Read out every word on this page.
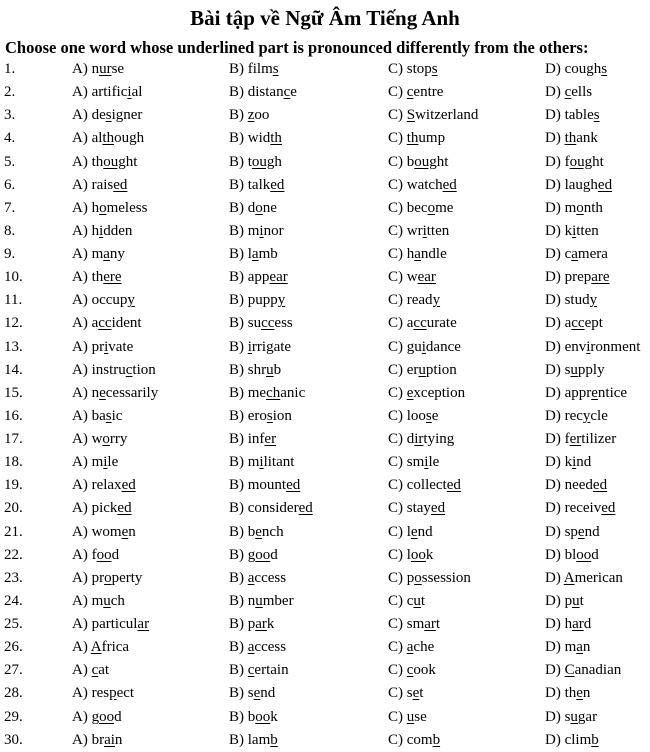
Bài tập về Ngữ Âm Tiếng Anh
Choose one word whose underlined part is pronounced differently from the others:
1.	A) nurse	B) films	C) stops	D) coughs
2.	A) artificial	B) distance	C) centre	D) cells
3.	A) designer	B) zoo	C) Switzerland	D) tables
4.	A) although	B) width	C) thump	D) thank
5.	A) thought	B) tough	C) bought	D) fought
6.	A) raised	B) talked	C) watched	D) laughed
7.	A) homeless	B) done	C) become	D) month
8.	A) hidden	B) minor	C) written	D) kitten
9.	A) many	B) lamb	C) handle	D) camera
10.	A) there	B) appear	C) wear	D) prepare
11.	A) occupy	B) puppy	C) ready	D) study
12.	A) accident	B) success	C) accurate	D) accept
13.	A) private	B) irrigate	C) guidance	D) environment
14.	A) instruction	B) shrub	C) eruption	D) supply
15.	A) necessarily	B) mechanic	C) exception	D) apprentice
16.	A) basic	B) erosion	C) loose	D) recycle
17.	A) worry	B) infer	C) dirtying	D) fertilizer
18.	A) mile	B) militant	C) smile	D) kind
19.	A) relaxed	B) mounted	C) collected	D) needed
20.	A) picked	B) considered	C) stayed	D) received
21.	A) women	B) bench	C) lend	D) spend
22.	A) food	B) good	C) look	D) blood
23.	A) property	B) access	C) possession	D) American
24.	A) much	B) number	C) cut	D) put
25.	A) particular	B) park	C) smart	D) hard
26.	A) Africa	B) access	C) ache	D) man
27.	A) cat	B) certain	C) cook	D) Canadian
28.	A) respect	B) send	C) set	D) then
29.	A) good	B) book	C) use	D) sugar
30.	A) brain	B) lamb	C) comb	D) climb
